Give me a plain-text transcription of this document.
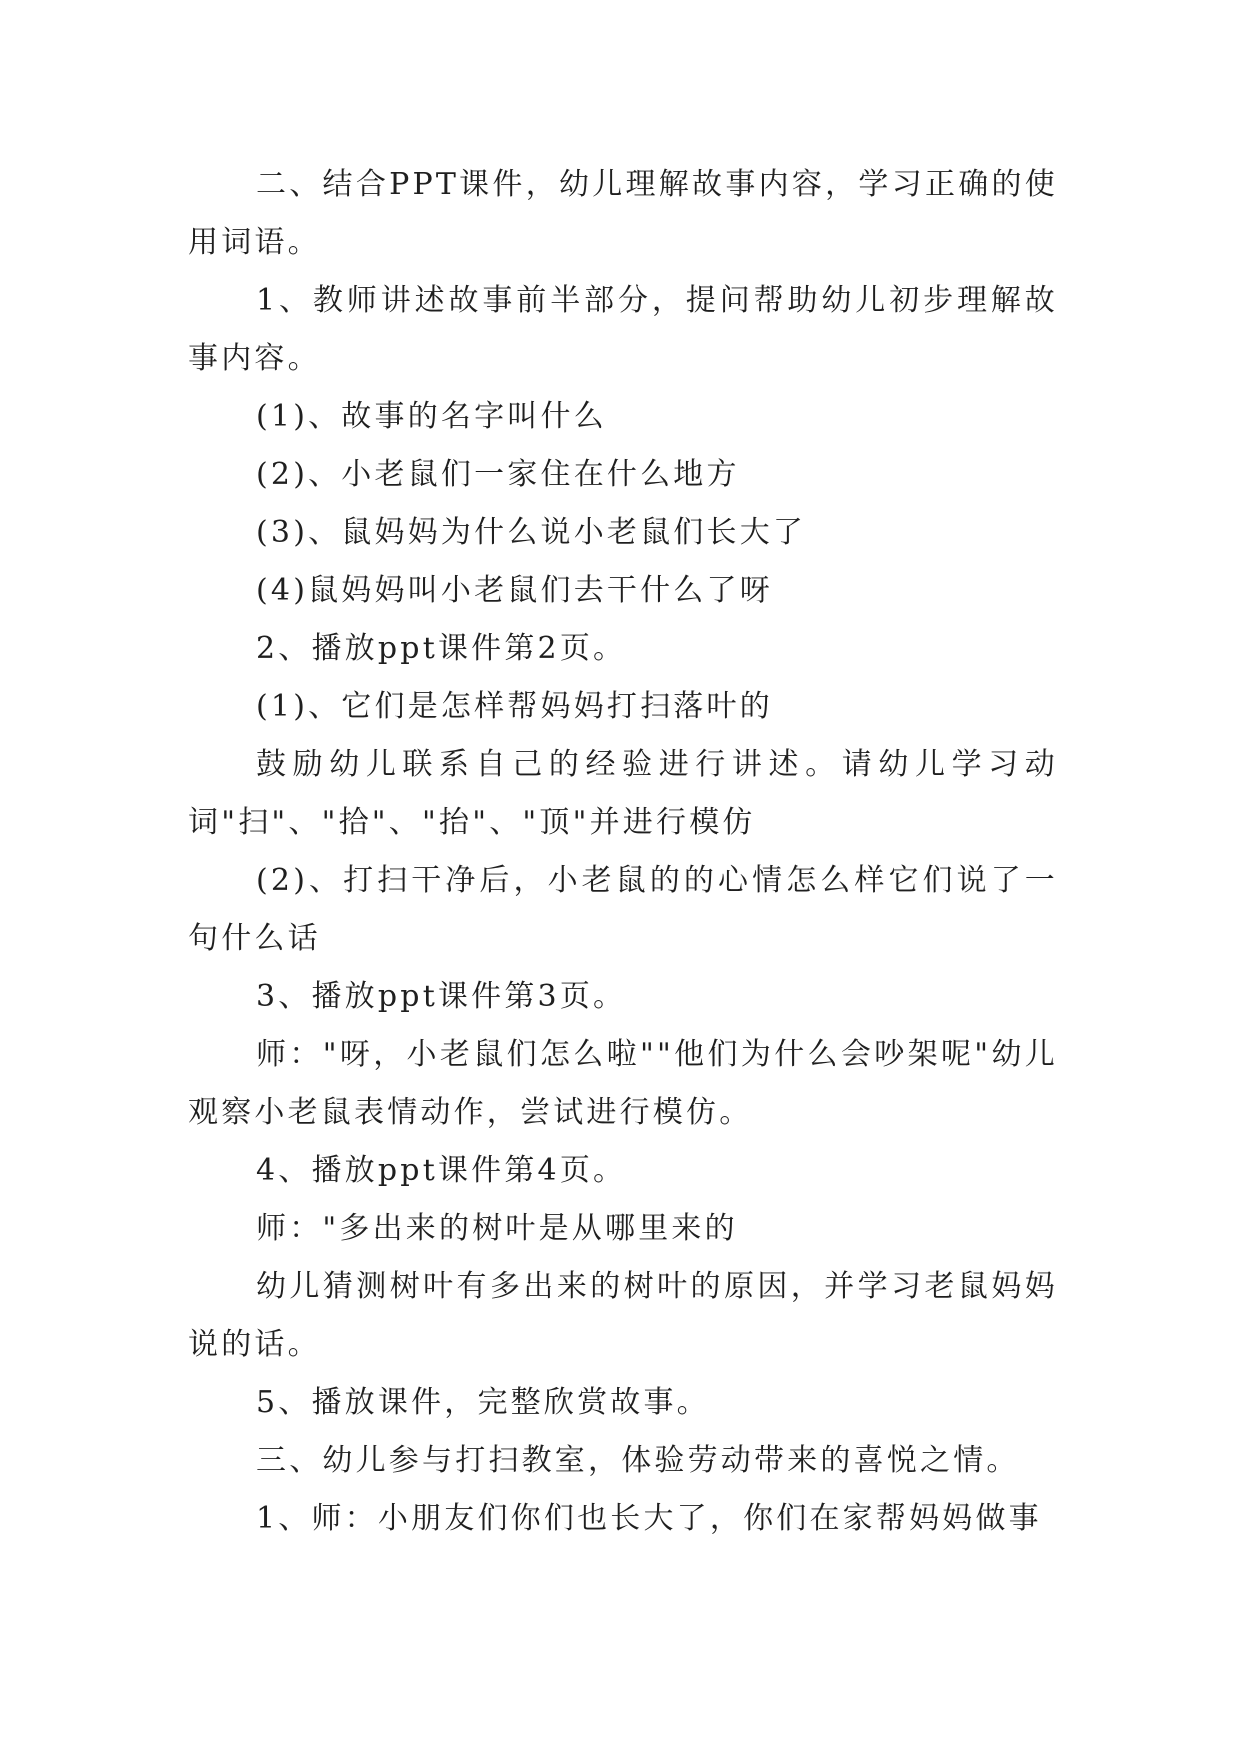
二、结合PPT课件，幼儿理解故事内容，学习正确的使用词语。

1、教师讲述故事前半部分，提问帮助幼儿初步理解故事内容。

(1)、故事的名字叫什么

(2)、小老鼠们一家住在什么地方

(3)、鼠妈妈为什么说小老鼠们长大了

(4)鼠妈妈叫小老鼠们去干什么了呀

2、播放ppt课件第2页。

(1)、它们是怎样帮妈妈打扫落叶的

鼓励幼儿联系自己的经验进行讲述。请幼儿学习动词"扫"、"拾"、"抬"、"顶"并进行模仿

(2)、打扫干净后，小老鼠的的心情怎么样它们说了一句什么话

3、播放ppt课件第3页。

师："呀，小老鼠们怎么啦""他们为什么会吵架呢"幼儿观察小老鼠表情动作，尝试进行模仿。

4、播放ppt课件第4页。

师："多出来的树叶是从哪里来的

幼儿猜测树叶有多出来的树叶的原因，并学习老鼠妈妈说的话。

5、播放课件，完整欣赏故事。

三、幼儿参与打扫教室，体验劳动带来的喜悦之情。

1、师：小朋友们你们也长大了，你们在家帮妈妈做事
